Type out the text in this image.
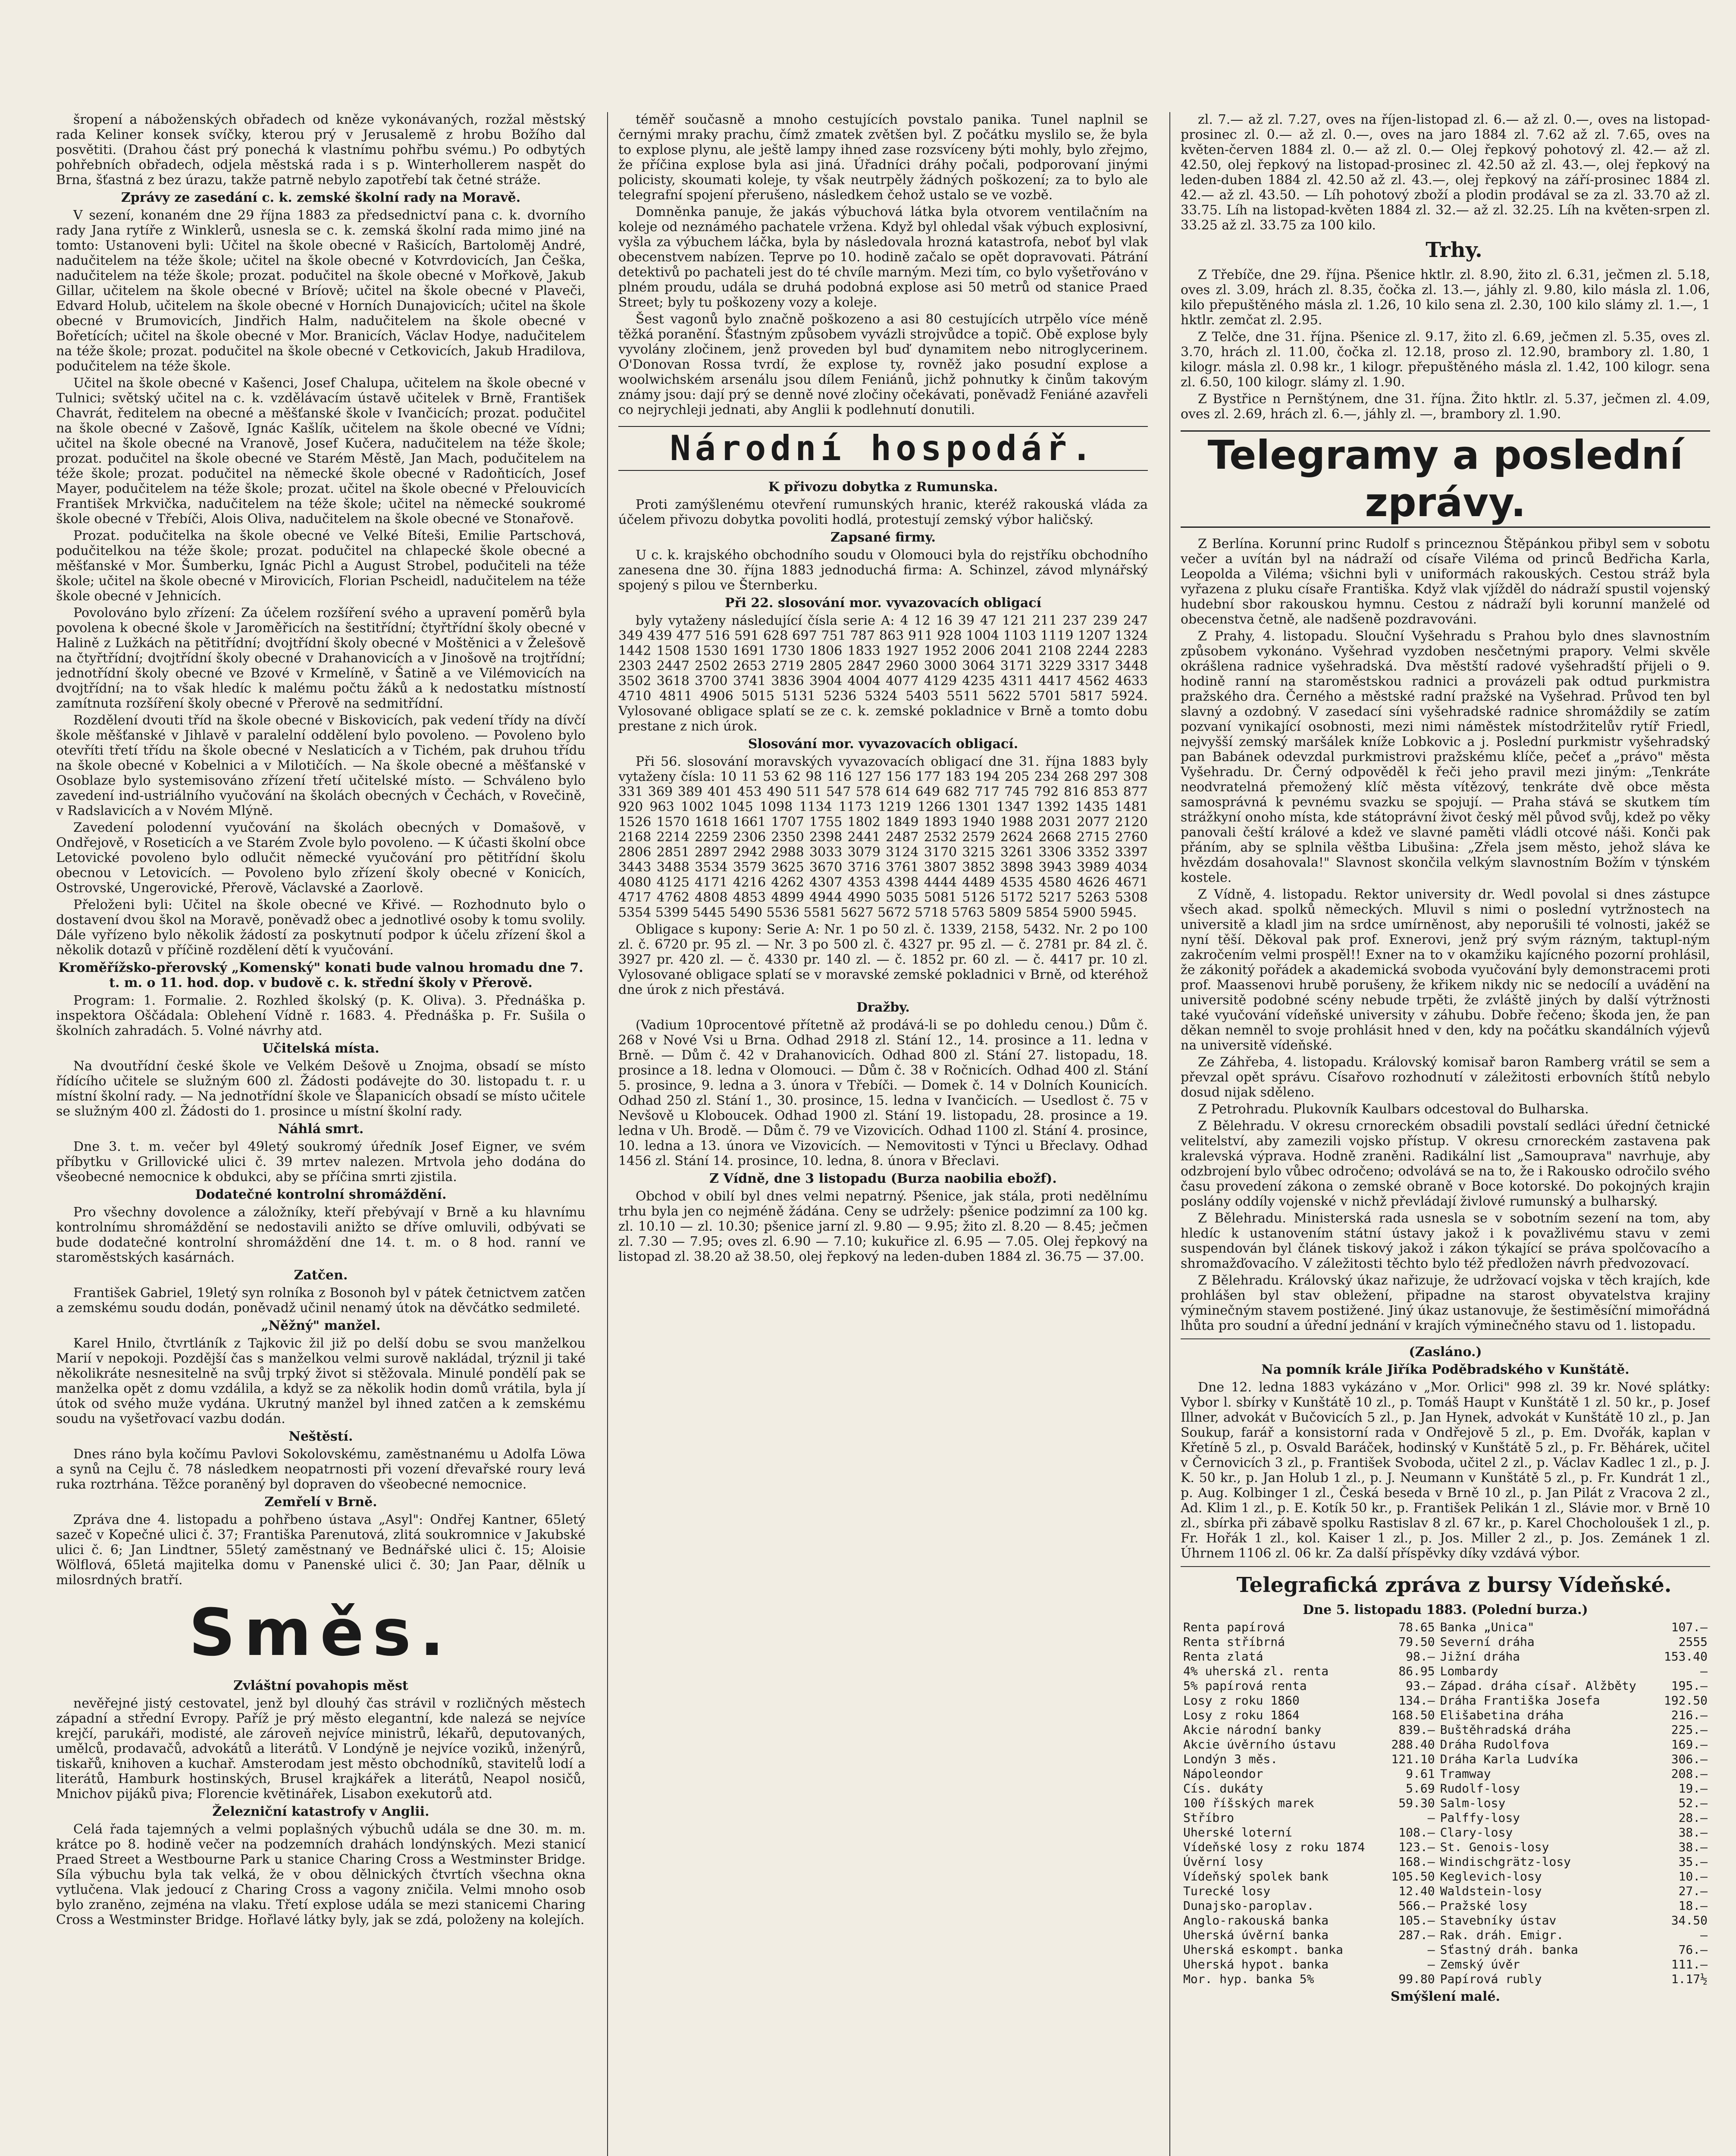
šropení a náboženských obřadech od kněze vykonávaných, rozžal městský rada Keliner konsek svíčky, kterou prý v Jerusalemě z hrobu Božího dal posvětiti. (Drahou část prý ponechá k vlastnímu pohřbu svému.) Po odbytých pohřebních obřadech, odjela městská rada i s p. Winterhollerem naspět do Brna, šťastná z bez úrazu, takže patrně nebylo zapotřebí tak četné stráže.

Zprávy ze zasedání c. k. zemské školní rady na Moravě.

V sezení, konaném dne 29 října 1883 za předsednictví pana c. k. dvorního rady Jana rytíře z Winklerů, usnesla se c. k. zemská školní rada mimo jiné na tomto: Ustanoveni byli: Učitel na škole obecné v Rašicích, Bartoloměj André, nadučitelem na téže škole; učitel na škole obecné v Kotvrdovicích, Jan Češka, nadučitelem na téže škole; prozat. podučitel na škole obecné v Mořkově, Jakub Gillar, učitelem na škole obecné v Bríově; učitel na škole obecné v Plaveči, Edvard Holub, učitelem na škole obecné v Horních Dunajovicích; učitel na škole obecné v Brumovicích, Jindřich Halm, nadučitelem na škole obecné v Bořetících; učitel na škole obecné v Mor. Branicích, Václav Hodye, nadučitelem na téže škole; prozat. podučitel na škole obecné v Cetkovicích, Jakub Hradilova, podučitelem na téže škole.

Učitel na škole obecné v Kašenci, Josef Chalupa, učitelem na škole obecné v Tulnici; světský učitel na c. k. vzdělávacím ústavě učitelek v Brně, František Chavrát, ředitelem na obecné a měšťanské škole v Ivančicích; prozat. podučitel na škole obecné v Zašově, Ignác Kašlík, učitelem na škole obecné ve Vídni; učitel na škole obecné na Vranově, Josef Kučera, nadučitelem na téže škole; prozat. podučitel na škole obecné ve Starém Městě, Jan Mach, podučitelem na téže škole; prozat. podučitel na německé škole obecné v Radoňticích, Josef Mayer, podučitelem na téže škole; prozat. učitel na škole obecné v Přelouvicích František Mrkvička, nadučitelem na téže škole; učitel na německé soukromé škole obecné v Třebíči, Alois Oliva, nadučitelem na škole obecné ve Stonařově.

Prozat. podučitelka na škole obecné ve Velké Bíteši, Emilie Partschová, podučitelkou na téže škole; prozat. podučitel na chlapecké škole obecné a měšťanské v Mor. Šumberku, Ignác Pichl a August Strobel, podučiteli na téže škole; učitel na škole obecné v Mirovicích, Florian Pscheidl, nadučitelem na téže škole obecné v Jehnicích.

Povolováno bylo zřízení: Za účelem rozšíření svého a upravení poměrů byla povolena k obecné škole v Jaroměřicích na šestitřídní; čtyřtřídní školy obecné v Halině z Lužkách na pětitřídní; dvojtřídní školy obecné v Moštěnici a v Želešově na čtyřtřídní; dvojtřídní školy obecné v Drahanovicích a v Jinošově na trojtřídní; jednotřídní školy obecné ve Bzové v Krmelíně, v Šatině a ve Vilémovicích na dvojtřídní; na to však hledíc k malému počtu žáků a k nedostatku místností zamítnuta rozšíření školy obecné v Přerově na sedmitřídní.

Rozdělení dvouti tříd na škole obecné v Biskovicích, pak vedení třídy na dívčí škole měšťanské v Jihlavě v paralelní oddělení bylo povoleno. — Povoleno bylo otevříti třetí třídu na škole obecné v Neslaticích a v Tichém, pak druhou třídu na škole obecné v Kobelnici a v Milotičích. — Na škole obecné a měšťanské v Osoblaze bylo systemisováno zřízení třetí učitelské místo. — Schváleno bylo zavedení ind-ustriálního vyučování na školách obecných v Čechách, v Rovečině, v Radslavicích a v Novém Mlýně.

Zavedení polodenní vyučování na školách obecných v Domašově, v Ondřejově, v Roseticích a ve Starém Zvole bylo povoleno. — K účasti školní obce Letovické povoleno bylo odlučit německé vyučování pro pětitřídní školu obecnou v Letovicích. — Povoleno bylo zřízení školy obecné v Konicích, Ostrovské, Ungerovické, Přerově, Václavské a Zaorlově.

Přeloženi byli: Učitel na škole obecné ve Křivé. — Rozhodnuto bylo o dostavení dvou škol na Moravě, poněvadž obec a jednotlivé osoby k tomu svolily. Dále vyřízeno bylo několik žádostí za poskytnutí podpor k účelu zřízení škol a několik dotazů v příčině rozdělení dětí k vyučování.

Kroměřížsko-přerovský „Komenský" konati bude valnou hromadu dne 7. t. m. o 11. hod. dop. v budově c. k. střední školy v Přerově.

Program: 1. Formalie. 2. Rozhled školský (p. K. Oliva). 3. Přednáška p. inspektora Oščádala: Oblehení Vídně r. 1683. 4. Přednáška p. Fr. Sušila o školních zahradách. 5. Volné návrhy atd.

Učitelská místa.

Na dvoutřídní české škole ve Velkém Dešově u Znojma, obsadí se místo řídícího učitele se služným 600 zl. Žádosti podávejte do 30. listopadu t. r. u místní školní rady. — Na jednotřídní škole ve Šlapanicích obsadí se místo učitele se služným 400 zl. Žádosti do 1. prosince u místní školní rady.

Náhlá smrt.

Dne 3. t. m. večer byl 49letý soukromý úředník Josef Eigner, ve svém příbytku v Grillovické ulici č. 39 mrtev nalezen. Mrtvola jeho dodána do všeobecné nemocnice k obdukci, aby se příčina smrti zjistila.

Dodatečné kontrolní shromáždění.

Pro všechny dovolence a záložníky, kteří přebývají v Brně a ku hlavnímu kontrolnímu shromáždění se nedostavili anižto se dříve omluvili, odbývati se bude dodatečné kontrolní shromáždění dne 14. t. m. o 8 hod. ranní ve staroměstských kasárnách.

Zatčen.

František Gabriel, 19letý syn rolníka z Bosonoh byl v pátek četnictvem zatčen a zemskému soudu dodán, poněvadž učinil nenamý útok na děvčátko sedmileté.

„Něžný" manžel.

Karel Hnilo, čtvrtláník z Tajkovic žil již po delší dobu se svou manželkou Marií v nepokoji. Pozdější čas s manželkou velmi surově nakládal, trýznil ji také několikráte nesnesitelně na svůj trpký život si stěžovala. Minulé pondělí pak se manželka opět z domu vzdálila, a když se za několik hodin domů vrátila, byla jí útok od svého muže vydána. Ukrutný manžel byl ihned zatčen a k zemskému soudu na vyšetřovací vazbu dodán.

Neštěstí.

Dnes ráno byla kočímu Pavlovi Sokolovskému, zaměstnanému u Adolfa Löwa a synů na Cejlu č. 78 následkem neopatrnosti při vození dřevařské roury levá ruka roztrhána. Těžce poraněný byl dopraven do všeobecné nemocnice.

Zemřelí v Brně.

Zpráva dne 4. listopadu a pohřbeno ústava „Asyl": Ondřej Kantner, 65letý sazeč v Kopečné ulici č. 37; Františka Parenutová, zlitá soukromnice v Jakubské ulici č. 6; Jan Lindtner, 55letý zaměstnaný ve Bednářské ulici č. 15; Aloisie Wölflová, 65letá majitelka domu v Panenské ulici č. 30; Jan Paar, dělník u milosrdných bratří.

Směs.

Zvláštní povahopis měst

nevěřejné jistý cestovatel, jenž byl dlouhý čas strávil v rozličných městech západní a střední Evropy. Paříž je prý město elegantní, kde nalezá se nejvíce krejčí, parukáři, modisté, ale zároveň nejvíce ministrů, lékařů, deputovaných, umělců, prodavačů, advokátů a literátů. V Londýně je nejvíce voziků, inženýrů, tiskařů, knihoven a kuchař. Amsterodam jest město obchodníků, stavitelů lodí a literátů, Hamburk hostinských, Brusel krajkářek a literátů, Neapol nosičů, Mnichov pijáků piva; Florencie květinářek, Lisabon exekutorů atd.

Železniční katastrofy v Anglii.

Celá řada tajemných a velmi poplašných výbuchů udála se dne 30. m. m. krátce po 8. hodině večer na podzemních drahách londýnských. Mezi stanicí Praed Street a Westbourne Park u stanice Charing Cross a Westminster Bridge. Síla výbuchu byla tak velká, že v obou dělnických čtvrtích všechna okna vytlučena. Vlak jedoucí z Charing Cross a vagony zničila. Velmi mnoho osob bylo zraněno, zejména na vlaku. Třetí explose udála se mezi stanicemi Charing Cross a Westminster Bridge. Hořlavé látky byly, jak se zdá, položeny na kolejích.

téměř současně a mnoho cestujících povstalo panika. Tunel naplnil se černými mraky prachu, čímž zmatek zvětšen byl. Z počátku myslilo se, že byla to explose plynu, ale ještě lampy ihned zase rozsvíceny býti mohly, bylo zřejmo, že příčina explose byla asi jiná. Úřadníci dráhy počali, podporovaní jinými policisty, skoumati koleje, ty však neutrpěly žádných poškození; za to bylo ale telegrafní spojení přerušeno, následkem čehož ustalo se ve vozbě.

Domněnka panuje, že jakás výbuchová látka byla otvorem ventilačním na koleje od neznámého pachatele vržena. Když byl ohledal však výbuch explosivní, vyšla za výbuchem láčka, byla by následovala hrozná katastrofa, neboť byl vlak obecenstvem nabízen. Teprve po 10. hodině začalo se opět dopravovati. Pátrání detektivů po pachateli jest do té chvíle marným. Mezi tím, co bylo vyšetřováno v plném proudu, udála se druhá podobná explose asi 50 metrů od stanice Praed Street; byly tu poškozeny vozy a koleje.

Šest vagonů bylo značně poškozeno a asi 80 cestujících utrpělo více méně těžká poranění. Šťastným způsobem vyvázli strojvůdce a topič. Obě explose byly vyvolány zločinem, jenž proveden byl buď dynamitem nebo nitroglycerinem. O'Donovan Rossa tvrdí, že explose ty, rovněž jako posudní explose a woolwichském arsenálu jsou dílem Feniánů, jichž pohnutky k činům takovým známy jsou: dají prý se denně nové zločiny očekávati, poněvadž Feniáné azavřeli co nejrychleji jednati, aby Anglii k podlehnutí donutili.

Národní hospodář.

K přivozu dobytka z Rumunska.

Proti zamýšlenému otevření rumunských hranic, kteréž rakouská vláda za účelem přivozu dobytka povoliti hodlá, protestují zemský výbor haličský.

Zapsané firmy.

U c. k. krajského obchodního soudu v Olomouci byla do rejstříku obchodního zanesena dne 30. října 1883 jednoduchá firma: A. Schinzel, závod mlynářský spojený s pilou ve Šternberku.

Při 22. slosování mor. vyvazovacích obligací

byly vytaženy následující čísla serie A: 4 12 16 39 47 121 211 237 239 247 349 439 477 516 591 628 697 751 787 863 911 928 1004 1103 1119 1207 1324 1442 1508 1530 1691 1730 1806 1833 1927 1952 2006 2041 2108 2244 2283 2303 2447 2502 2653 2719 2805 2847 2960 3000 3064 3171 3229 3317 3448 3502 3618 3700 3741 3836 3904 4004 4077 4129 4235 4311 4417 4562 4633 4710 4811 4906 5015 5131 5236 5324 5403 5511 5622 5701 5817 5924. Vylosované obligace splatí se ze c. k. zemské pokladnice v Brně a tomto dobu prestane z nich úrok.

Slosování mor. vyvazovacích obligací.

Při 56. slosování moravských vyvazovacích obligací dne 31. října 1883 byly vytaženy čísla: 10 11 53 62 98 116 127 156 177 183 194 205 234 268 297 308 331 369 389 401 453 490 511 547 578 614 649 682 717 745 792 816 853 877 920 963 1002 1045 1098 1134 1173 1219 1266 1301 1347 1392 1435 1481 1526 1570 1618 1661 1707 1755 1802 1849 1893 1940 1988 2031 2077 2120 2168 2214 2259 2306 2350 2398 2441 2487 2532 2579 2624 2668 2715 2760 2806 2851 2897 2942 2988 3033 3079 3124 3170 3215 3261 3306 3352 3397 3443 3488 3534 3579 3625 3670 3716 3761 3807 3852 3898 3943 3989 4034 4080 4125 4171 4216 4262 4307 4353 4398 4444 4489 4535 4580 4626 4671 4717 4762 4808 4853 4899 4944 4990 5035 5081 5126 5172 5217 5263 5308 5354 5399 5445 5490 5536 5581 5627 5672 5718 5763 5809 5854 5900 5945.

Obligace s kupony: Serie A: Nr. 1 po 50 zl. č. 1339, 2158, 5432. Nr. 2 po 100 zl. č. 6720 pr. 95 zl. — Nr. 3 po 500 zl. č. 4327 pr. 95 zl. — č. 2781 pr. 84 zl. č. 3927 pr. 420 zl. — č. 4330 pr. 140 zl. — č. 1852 pr. 60 zl. — č. 4417 pr. 10 zl. Vylosované obligace splatí se v moravské zemské pokladnici v Brně, od kteréhož dne úrok z nich přestává.

Dražby.

(Vadium 10procentové přítetně až prodává-li se po dohledu cenou.) Dům č. 268 v Nové Vsi u Brna. Odhad 2918 zl. Stání 12., 14. prosince a 11. ledna v Brně. — Dům č. 42 v Drahanovicích. Odhad 800 zl. Stání 27. listopadu, 18. prosince a 18. ledna v Olomouci. — Dům č. 38 v Ročnicích. Odhad 400 zl. Stání 5. prosince, 9. ledna a 3. února v Třebíči. — Domek č. 14 v Dolních Kounicích. Odhad 250 zl. Stání 1., 30. prosince, 15. ledna v Ivančicích. — Usedlost č. 75 v Nevšově u Kloboucek. Odhad 1900 zl. Stání 19. listopadu, 28. prosince a 19. ledna v Uh. Brodě. — Dům č. 79 ve Vizovicích. Odhad 1100 zl. Stání 4. prosince, 10. ledna a 13. února ve Vizovicích. — Nemovitosti v Týnci u Břeclavy. Odhad 1456 zl. Stání 14. prosince, 10. ledna, 8. února v Břeclavi.

Z Vídně, dne 3 listopadu (Burza naobilia ebožf).

Obchod v obilí byl dnes velmi nepatrný. Pšenice, jak stála, proti nedělnímu trhu byla jen co nejméně žádána. Ceny se udržely: pšenice podzimní za 100 kg. zl. 10.10 — zl. 10.30; pšenice jarní zl. 9.80 — 9.95; žito zl. 8.20 — 8.45; ječmen zl. 7.30 — 7.95; oves zl. 6.90 — 7.10; kukuřice zl. 6.95 — 7.05. Olej řepkový na listopad zl. 38.20 až 38.50, olej řepkový na leden-duben 1884 zl. 36.75 — 37.00.

zl. 7.— až zl. 7.27, oves na říjen-listopad zl. 6.— až zl. 0.—, oves na listopad-prosinec zl. 0.— až zl. 0.—, oves na jaro 1884 zl. 7.62 až zl. 7.65, oves na květen-červen 1884 zl. 0.— až zl. 0.— Olej řepkový pohotový zl. 42.— až zl. 42.50, olej řepkový na listopad-prosinec zl. 42.50 až zl. 43.—, olej řepkový na leden-duben 1884 zl. 42.50 až zl. 43.—, olej řepkový na září-prosinec 1884 zl. 42.— až zl. 43.50. — Líh pohotový zboží a plodin prodával se za zl. 33.70 až zl. 33.75. Líh na listopad-květen 1884 zl. 32.— až zl. 32.25. Líh na květen-srpen zl. 33.25 až zl. 33.75 za 100 kilo.

Trhy.

Z Třebíče, dne 29. října. Pšenice hktlr. zl. 8.90, žito zl. 6.31, ječmen zl. 5.18, oves zl. 3.09, hrách zl. 8.35, čočka zl. 13.—, jáhly zl. 9.80, kilo másla zl. 1.06, kilo přepuštěného másla zl. 1.26, 10 kilo sena zl. 2.30, 100 kilo slámy zl. 1.—, 1 hktlr. zemčat zl. 2.95.

Z Telče, dne 31. října. Pšenice zl. 9.17, žito zl. 6.69, ječmen zl. 5.35, oves zl. 3.70, hrách zl. 11.00, čočka zl. 12.18, proso zl. 12.90, brambory zl. 1.80, 1 kilogr. másla zl. 0.98 kr., 1 kilogr. přepuštěného másla zl. 1.42, 100 kilogr. sena zl. 6.50, 100 kilogr. slámy zl. 1.90.

Z Bystřice n Pernštýnem, dne 31. října. Žito hktlr. zl. 5.37, ječmen zl. 4.09, oves zl. 2.69, hrách zl. 6.—, jáhly zl. —, brambory zl. 1.90.

Telegramy a poslední zprávy.

Z Berlína. Korunní princ Rudolf s princeznou Štěpánkou přibyl sem v sobotu večer a uvítán byl na nádraží od císaře Viléma od princů Bedřicha Karla, Leopolda a Viléma; všichni byli v uniformách rakouských. Cestou stráž byla vyřazena z pluku císaře Františka. Když vlak vjížděl do nádraží spustil vojenský hudební sbor rakouskou hymnu. Cestou z nádraží byli korunní manželé od obecenstva četně, ale nadšeně pozdravováni.

Z Prahy, 4. listopadu. Slouční Vyšehradu s Prahou bylo dnes slavnostním způsobem vykonáno. Vyšehrad vyzdoben nesčetnými prapory. Velmi skvěle okrášlena radnice vyšehradská. Dva městští radové vyšehradští přijeli o 9. hodině ranní na staroměstskou radnici a provázeli pak odtud purkmistra pražského dra. Černého a městské radní pražské na Vyšehrad. Průvod ten byl slavný a ozdobný. V zasedací síni vyšehradské radnice shromáždily se zatím pozvaní vynikající osobnosti, mezi nimi náměstek místodržitelův rytíř Friedl, nejvyšší zemský maršálek kníže Lobkovic a j. Poslední purkmistr vyšehradský pan Babánek odevzdal purkmistrovi pražskému klíče, pečeť a „právo" města Vyšehradu. Dr. Černý odpověděl k řeči jeho pravil mezi jiným: „Tenkráte neodvratelná přemožený klíč města vítězový, tenkráte dvě obce města samosprávná k pevnému svazku se spojují. — Praha stává se skutkem tím strážkyní onoho místa, kde státoprávní život český měl původ svůj, kdež po věky panovali čeští králové a kdež ve slavné paměti vládli otcové náši. Konči pak přáním, aby se splnila věštba Libušina: „Zřela jsem město, jehož sláva ke hvězdám dosahovala!" Slavnost skončila velkým slavnostním Božím v týnském kostele.

Z Vídně, 4. listopadu. Rektor university dr. Wedl povolal si dnes zástupce všech akad. spolků německých. Mluvil s nimi o poslední vytržnostech na universitě a kladl jim na srdce umírněnost, aby neporušili té volnosti, jakéž se nyní těší. Děkoval pak prof. Exnerovi, jenž prý svým rázným, taktupl-ným zakročením velmi prospěl!! Exner na to v okamžiku kajícného pozorní prohlásil, že zákonitý pořádek a akademická svoboda vyučování byly demonstracemi proti prof. Maassenovi hrubě porušeny, že křikem nikdy nic se nedocílí a uvádění na universitě podobné scény nebude trpěti, že zvláště jiných by další výtržnosti také vyučování vídeňské university v záhubu. Dobře řečeno; škoda jen, že pan děkan nemněl to svoje prohlásit hned v den, kdy na počátku skandálních výjevů na universitě vídeňské.

Ze Záhřeba, 4. listopadu. Královský komisař baron Ramberg vrátil se sem a převzal opět správu. Císařovo rozhodnutí v záležitosti erbovních štítů nebylo dosud nijak sděleno.

Z Petrohradu. Plukovník Kaulbars odcestoval do Bulharska.

Z Bělehradu. V okresu crnoreckém obsadili povstalí sedláci úřední četnické velitelství, aby zamezili vojsko přístup. V okresu crnoreckém zastavena pak kralevská výprava. Hodně zraněni. Radikální list „Samouprava" navrhuje, aby odzbrojení bylo vůbec odročeno; odvolává se na to, že i Rakousko odročilo svého času provedení zákona o zemské obraně v Boce kotorské. Do pokojných krajin poslány oddíly vojenské v nichž převládají živlové rumunský a bulharský.

Z Bělehradu. Ministerská rada usnesla se v sobotním sezení na tom, aby hledíc k ustanovením státní ústavy jakož i k považlivému stavu v zemi suspendován byl článek tiskový jakož i zákon týkající se práva spolčovacího a shromažďovacího. V záležitosti těchto bylo též předložen návrh předvozovací.

Z Bělehradu. Královský úkaz nařizuje, že udržovací vojska v těch krajích, kde prohlášen byl stav obležení, připadne na starost obyvatelstva krajiny výminečným stavem postižené. Jiný úkaz ustanovuje, že šestiměsíční mimořádná lhůta pro soudní a úřední jednání v krajích výminečného stavu od 1. listopadu.

(Zasláno.)

Na pomník krále Jiříka Poděbradského v Kunštátě.

Dne 12. ledna 1883 vykázáno v „Mor. Orlici" 998 zl. 39 kr. Nové splátky: Vybor l. sbírky v Kunštátě 10 zl., p. Tomáš Haupt v Kunštátě 1 zl. 50 kr., p. Josef Illner, advokát v Bučovicích 5 zl., p. Jan Hynek, advokát v Kunštátě 10 zl., p. Jan Soukup, farář a konsistorní rada v Ondřejově 5 zl., p. Em. Dvořák, kaplan v Křetíně 5 zl., p. Osvald Baráček, hodinský v Kunštátě 5 zl., p. Fr. Běhárek, učitel v Černovicích 3 zl., p. František Svoboda, učitel 2 zl., p. Václav Kadlec 1 zl., p. J. K. 50 kr., p. Jan Holub 1 zl., p. J. Neumann v Kunštátě 5 zl., p. Fr. Kundrát 1 zl., p. Aug. Kolbinger 1 zl., Česká beseda v Brně 10 zl., p. Jan Pilát z Vracova 2 zl., Ad. Klim 1 zl., p. E. Kotík 50 kr., p. František Pelikán 1 zl., Slávie mor. v Brně 10 zl., sbírka při zábavě spolku Rastislav 8 zl. 67 kr., p. Karel Chocholoušek 1 zl., p. Fr. Hořák 1 zl., kol. Kaiser 1 zl., p. Jos. Miller 2 zl., p. Jos. Zemánek 1 zl. Úhrnem 1106 zl. 06 kr. Za další příspěvky díky vzdává výbor.

Telegrafická zpráva z bursy Vídeňské.

Dne 5. listopadu 1883. (Polední burza.)

Renta papírová	78.65	Banka „Unica"	107.—
Renta stříbrná	79.50	Severní dráha	2555
Renta zlatá	98.—	Jižní dráha	153.40
4% uherská zl. renta	86.95	Lombardy	—
5% papírová renta	93.—	Západ. dráha císař. Alžběty	195.—
Losy z roku 1860	134.—	Dráha Františka Josefa	192.50
Losy z roku 1864	168.50	Elišabetina dráha	216.—
Akcie národní banky	839.—	Buštěhradská dráha	225.—
Akcie úvěrního ústavu	288.40	Dráha Rudolfova	169.—
Londýn 3 měs.	121.10	Dráha Karla Ludvíka	306.—
Nápoleondor	9.61	Tramway	208.—
Cís. dukáty	5.69	Rudolf-losy	19.—
100 říšských marek	59.30	Salm-losy	52.—
Stříbro	—	Palffy-losy	28.—
Uherské loterní	108.—	Clary-losy	38.—
Vídeňské losy z roku 1874	123.—	St. Genois-losy	38.—
Úvěrní losy	168.—	Windischgrätz-losy	35.—
Vídeňský spolek bank	105.50	Keglevich-losy	10.—
Turecké losy	12.40	Waldstein-losy	27.—
Dunajsko-paroplav.	566.—	Pražské losy	18.—
Anglo-rakouská banka	105.—	Stavebníky ústav	34.50
Uherská úvěrní banka	287.—	Rak. dráh. Emigr.	—
Uherská eskompt. banka	—	Sťastný dráh. banka	76.—
Uherská hypot. banka	—	Zemský úvěr	111.—
Mor. hyp. banka 5%	99.80	Papírová rubly	1.17½

Smýšlení malé.
